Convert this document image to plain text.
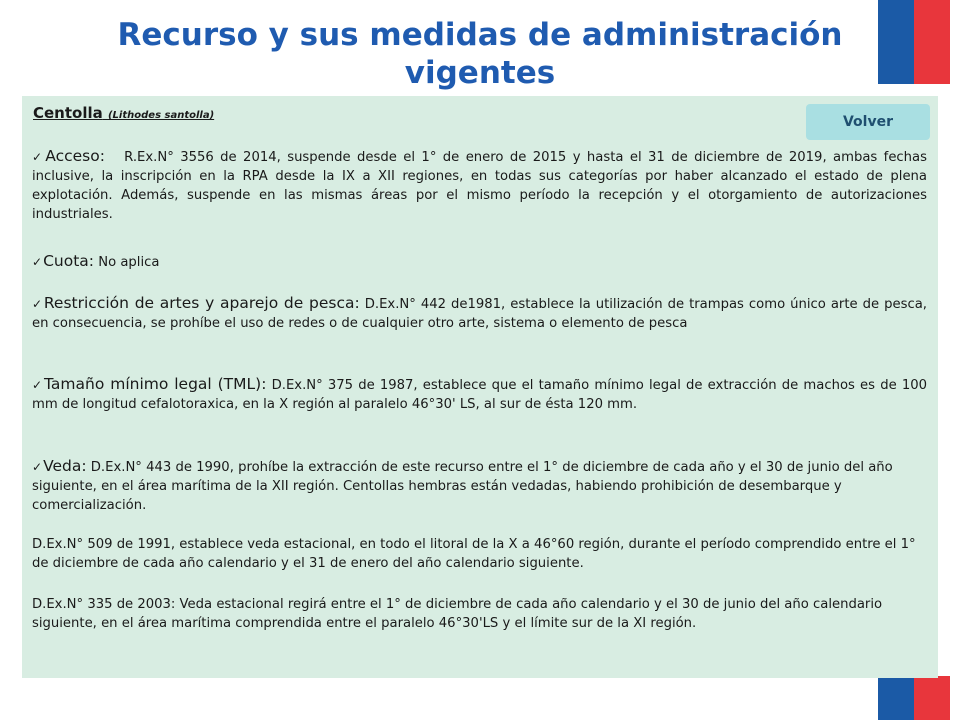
Recurso y sus medidas de administración vigentes
Centolla (Lithodes santolla)	Volver

✓Acceso: R.Ex.N° 3556 de 2014, suspende desde el 1° de enero de 2015 y hasta el 31 de diciembre de 2019, ambas fechas inclusive, la inscripción en la RPA desde la IX a XII regiones, en todas sus categorías por haber alcanzado el estado de plena explotación. Además, suspende en las mismas áreas por el mismo período la recepción y el otorgamiento de autorizaciones industriales.

✓Cuota: No aplica

✓Restricción de artes y aparejo de pesca: D.Ex.N° 442 de1981, establece la utilización de trampas como único arte de pesca, en consecuencia, se prohíbe el uso de redes o de cualquier otro arte, sistema o elemento de pesca

✓Tamaño mínimo legal (TML): D.Ex.N° 375 de 1987, establece que el tamaño mínimo legal de extracción de machos es de 100 mm de longitud cefalotoraxica, en la X región al paralelo 46°30' LS, al sur de ésta 120 mm.

✓Veda: D.Ex.N° 443 de 1990, prohíbe la extracción de este recurso entre el 1° de diciembre de cada año y el 30 de junio del año siguiente, en el área marítima de la XII región. Centollas hembras están vedadas, habiendo prohibición de desembarque y comercialización.

D.Ex.N° 509 de 1991, establece veda estacional, en todo el litoral de la X a 46°60 región, durante el período comprendido entre el 1° de diciembre de cada año calendario y el 31 de enero del año calendario siguiente.

D.Ex.N° 335 de 2003: Veda estacional regirá entre el 1° de diciembre de cada año calendario y el 30 de junio del año calendario siguiente, en el área marítima comprendida entre el paralelo 46°30'LS y el límite sur de la XI región.
